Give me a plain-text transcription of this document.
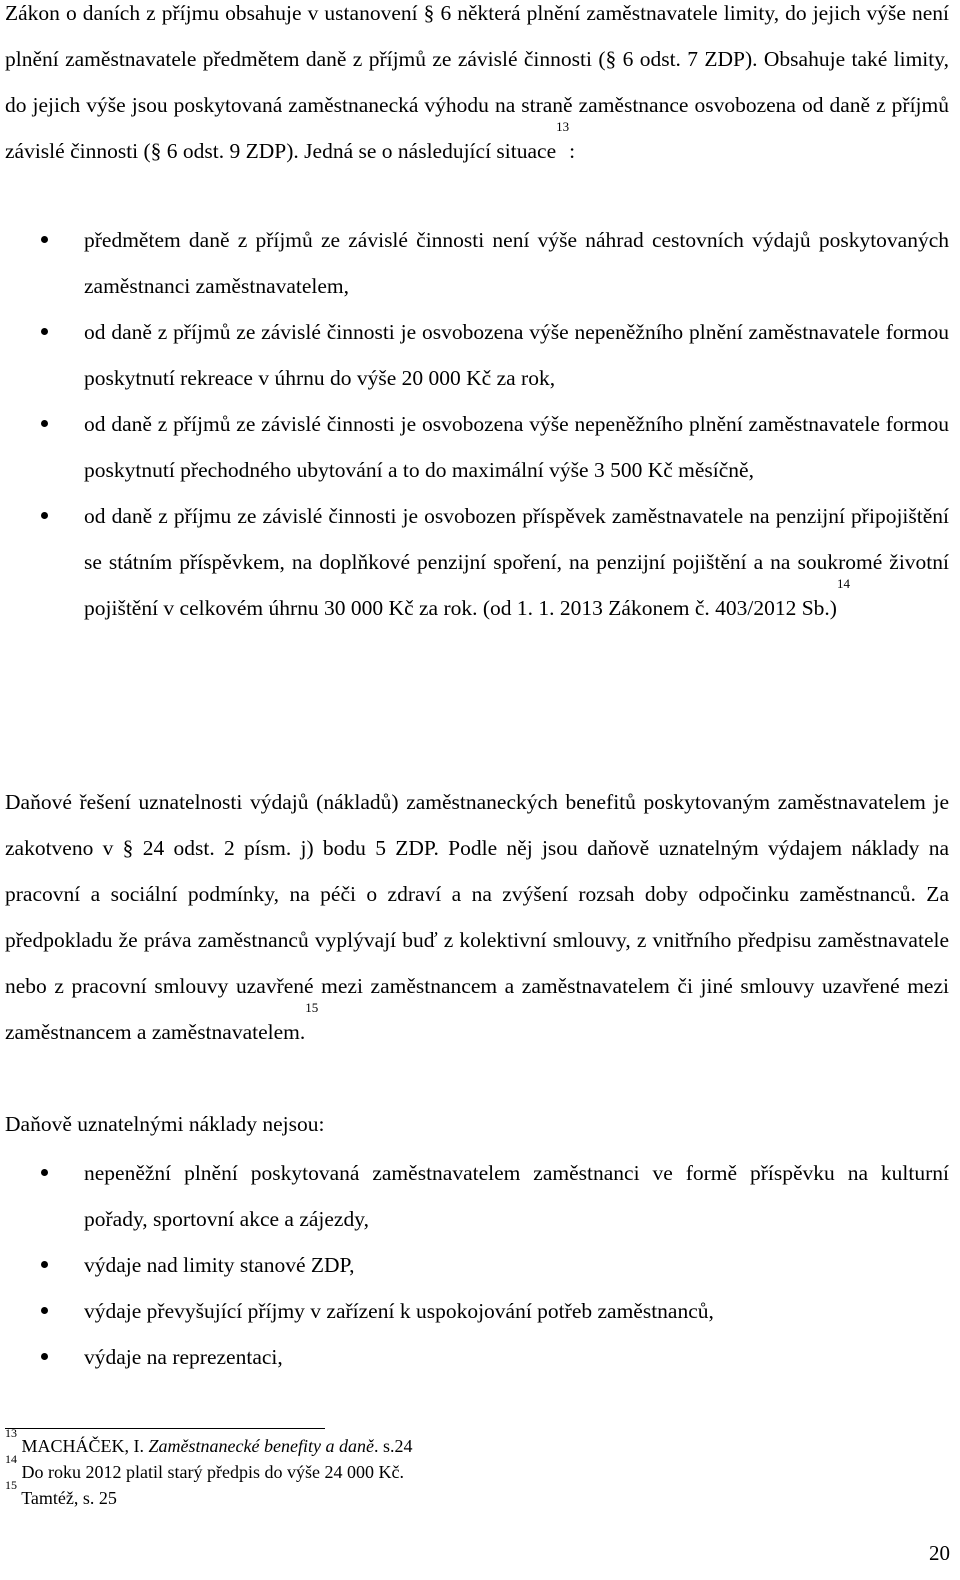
Zákon o daních z příjmu obsahuje v ustanovení § 6 některá plnění zaměstnavatele limity, do jejich výše není plnění zaměstnavatele předmětem daně z příjmů ze závislé činnosti (§ 6 odst. 7 ZDP). Obsahuje také limity, do jejich výše jsou poskytovaná zaměstnanecká výhodu na straně zaměstnance osvobozena od daně z příjmů závislé činnosti (§ 6 odst. 9 ZDP). Jedná se o následující situace$^{13}$:

předmětem daně z příjmů ze závislé činnosti není výše náhrad cestovních výdajů poskytovaných zaměstnanci zaměstnavatelem,
od daně z příjmů ze závislé činnosti je osvobozena výše nepeněžního plnění zaměstnavatele formou poskytnutí rekreace v úhrnu do výše 20 000 Kč za rok,
od daně z příjmů ze závislé činnosti je osvobozena výše nepeněžního plnění zaměstnavatele formou poskytnutí přechodného ubytování a to do maximální výše 3 500 Kč měsíčně,
od daně z příjmu ze závislé činnosti je osvobozen příspěvek zaměstnavatele na penzijní připojištění se státním příspěvkem, na doplňkové penzijní spoření, na penzijní pojištění a na soukromé životní pojištění v celkovém úhrnu 30 000 Kč za rok. (od 1. 1. 2013 Zákonem č. 403/2012 Sb.)$^{14}$

Daňové řešení uznatelnosti výdajů (nákladů) zaměstnaneckých benefitů poskytovaným zaměstnavatelem je zakotveno v § 24 odst. 2 písm. j) bodu 5 ZDP. Podle něj jsou daňově uznatelným výdajem náklady na pracovní a sociální podmínky, na péči o zdraví a na zvýšení rozsah doby odpočinku zaměstnanců. Za předpokladu že práva zaměstnanců vyplývají buď z kolektivní smlouvy, z vnitřního předpisu zaměstnavatele nebo z pracovní smlouvy uzavřené mezi zaměstnancem a zaměstnavatelem či jiné smlouvy uzavřené mezi zaměstnancem a zaměstnavatelem.$^{15}$

Daňově uznatelnými náklady nejsou:

nepeněžní plnění poskytovaná zaměstnavatelem zaměstnanci ve formě příspěvku na kulturní pořady, sportovní akce a zájezdy,
výdaje nad limity stanové ZDP,
výdaje převyšující příjmy v zařízení k uspokojování potřeb zaměstnanců,
výdaje na reprezentaci,
$^{13}$ MACHÁČEK, I. Zaměstnanecké benefity a daně. s.24
$^{14}$ Do roku 2012 platil starý předpis do výše 24 000 Kč.
$^{15}$ Tamtéž, s. 25
20
